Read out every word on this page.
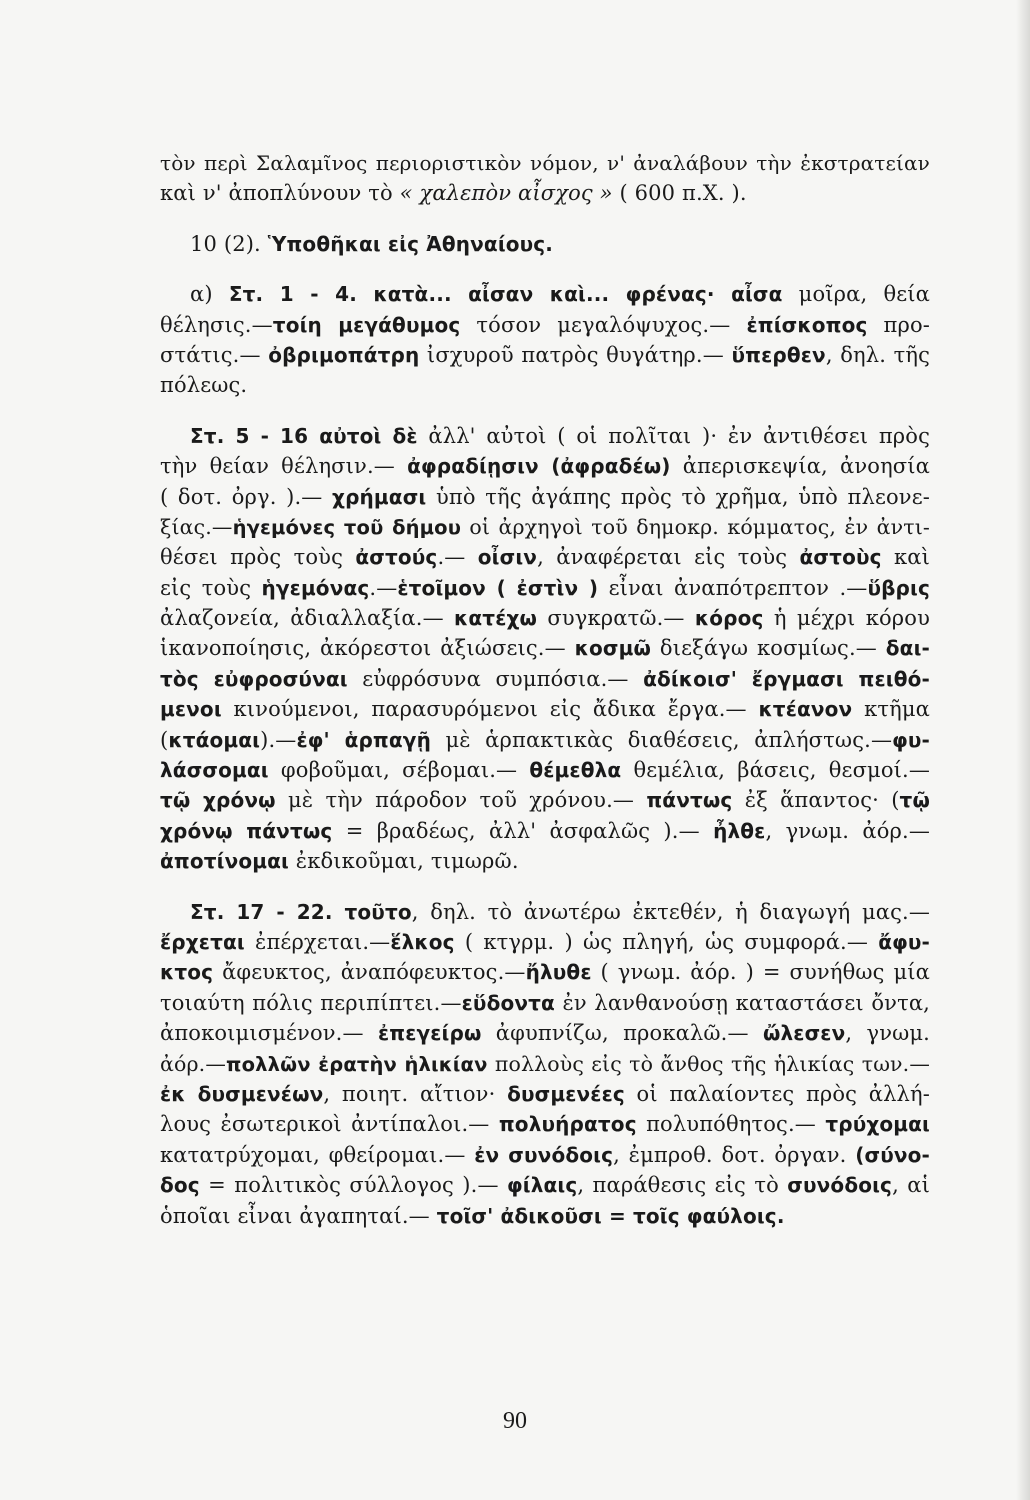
τὸν περὶ Σαλαμῖνος περιοριστικὸν νόμον, ν' ἀναλάβουν τὴν ἐκστρατείαν
καὶ ν' ἀποπλύνουν τὸ « χαλεπὸν αἶσχος » ( 600 π.Χ. ).
10 (2). Ὑποθῆκαι εἰς Ἀθηναίους.
α) Στ. 1 - 4. κατὰ... αἶσαν καὶ... φρένας· αἶσα μοῖρα, θεία
θέλησις.—τοίη μεγάθυμος τόσον μεγαλόψυχος.— ἐπίσκοπος προ-
στάτις.— ὀβριμοπάτρη ἰσχυροῦ πατρὸς θυγάτηρ.— ὕπερθεν, δηλ. τῆς
πόλεως.
Στ. 5 - 16 αὐτοὶ δὲ ἀλλ' αὐτοὶ ( οἱ πολῖται )· ἐν ἀντιθέσει πρὸς
τὴν θείαν θέλησιν.— ἀφραδίῃσιν (ἀφραδέω) ἀπερισκεψία, ἀνοησία
( δοτ. ὀργ. ).— χρήμασι ὑπὸ τῆς ἀγάπης πρὸς τὸ χρῆμα, ὑπὸ πλεονε-
ξίας.—ἡγεμόνες τοῦ δήμου οἱ ἀρχηγοὶ τοῦ δημοκρ. κόμματος, ἐν ἀντι-
θέσει πρὸς τοὺς ἀστούς.— οἶσιν, ἀναφέρεται εἰς τοὺς ἀστοὺς καὶ
εἰς τοὺς ἡγεμόνας.—ἑτοῖμον ( ἐστὶν ) εἶναι ἀναπότρεπτον .—ὕβρις
ἀλαζονεία, ἀδιαλλαξία.— κατέχω συγκρατῶ.— κόρος ἡ μέχρι κόρου
ἱκανοποίησις, ἀκόρεστοι ἀξιώσεις.— κοσμῶ διεξάγω κοσμίως.— δαι-
τὸς εὐφροσύναι εὐφρόσυνα συμπόσια.— ἀδίκοισ' ἔργμασι πειθό-
μενοι κινούμενοι, παρασυρόμενοι εἰς ἄδικα ἔργα.— κτέανον κτῆμα
(κτάομαι).—ἐφ' ἁρπαγῇ μὲ ἁρπακτικὰς διαθέσεις, ἀπλήστως.—φυ-
λάσσομαι φοβοῦμαι, σέβομαι.— θέμεθλα θεμέλια, βάσεις, θεσμοί.—
τῷ χρόνῳ μὲ τὴν πάροδον τοῦ χρόνου.— πάντως ἐξ ἅπαντος· (τῷ
χρόνῳ πάντως = βραδέως, ἀλλ' ἀσφαλῶς ).— ἦλθε, γνωμ. ἀόρ.—
ἀποτίνομαι ἐκδικοῦμαι, τιμωρῶ.
Στ. 17 - 22. τοῦτο, δηλ. τὸ ἀνωτέρω ἐκτεθέν, ἡ διαγωγή μας.—
ἔρχεται ἐπέρχεται.—ἕλκος ( κτγρμ. ) ὡς πληγή, ὡς συμφορά.— ἄφυ-
κτος ἄφευκτος, ἀναπόφευκτος.—ἤλυθε ( γνωμ. ἀόρ. ) = συνήθως μία
τοιαύτη πόλις περιπίπτει.—εὕδοντα ἐν λανθανούσῃ καταστάσει ὄντα,
ἀποκοιμισμένον.— ἐπεγείρω ἀφυπνίζω, προκαλῶ.— ὤλεσεν, γνωμ.
ἀόρ.—πολλῶν ἐρατὴν ἡλικίαν πολλοὺς εἰς τὸ ἄνθος τῆς ἡλικίας των.—
ἐκ δυσμενέων, ποιητ. αἴτιον· δυσμενέες οἱ παλαίοντες πρὸς ἀλλή-
λους ἐσωτερικοὶ ἀντίπαλοι.— πολυήρατος πολυπόθητος.— τρύχομαι
κατατρύχομαι, φθείρομαι.— ἐν συνόδοις, ἐμπροθ. δοτ. ὀργαν. (σύνο-
δος = πολιτικὸς σύλλογος ).— φίλαις, παράθεσις εἰς τὸ συνόδοις, αἱ
ὁποῖαι εἶναι ἀγαπηταί.— τοῖσ' ἀδικοῦσι = τοῖς φαύλοις.
90
